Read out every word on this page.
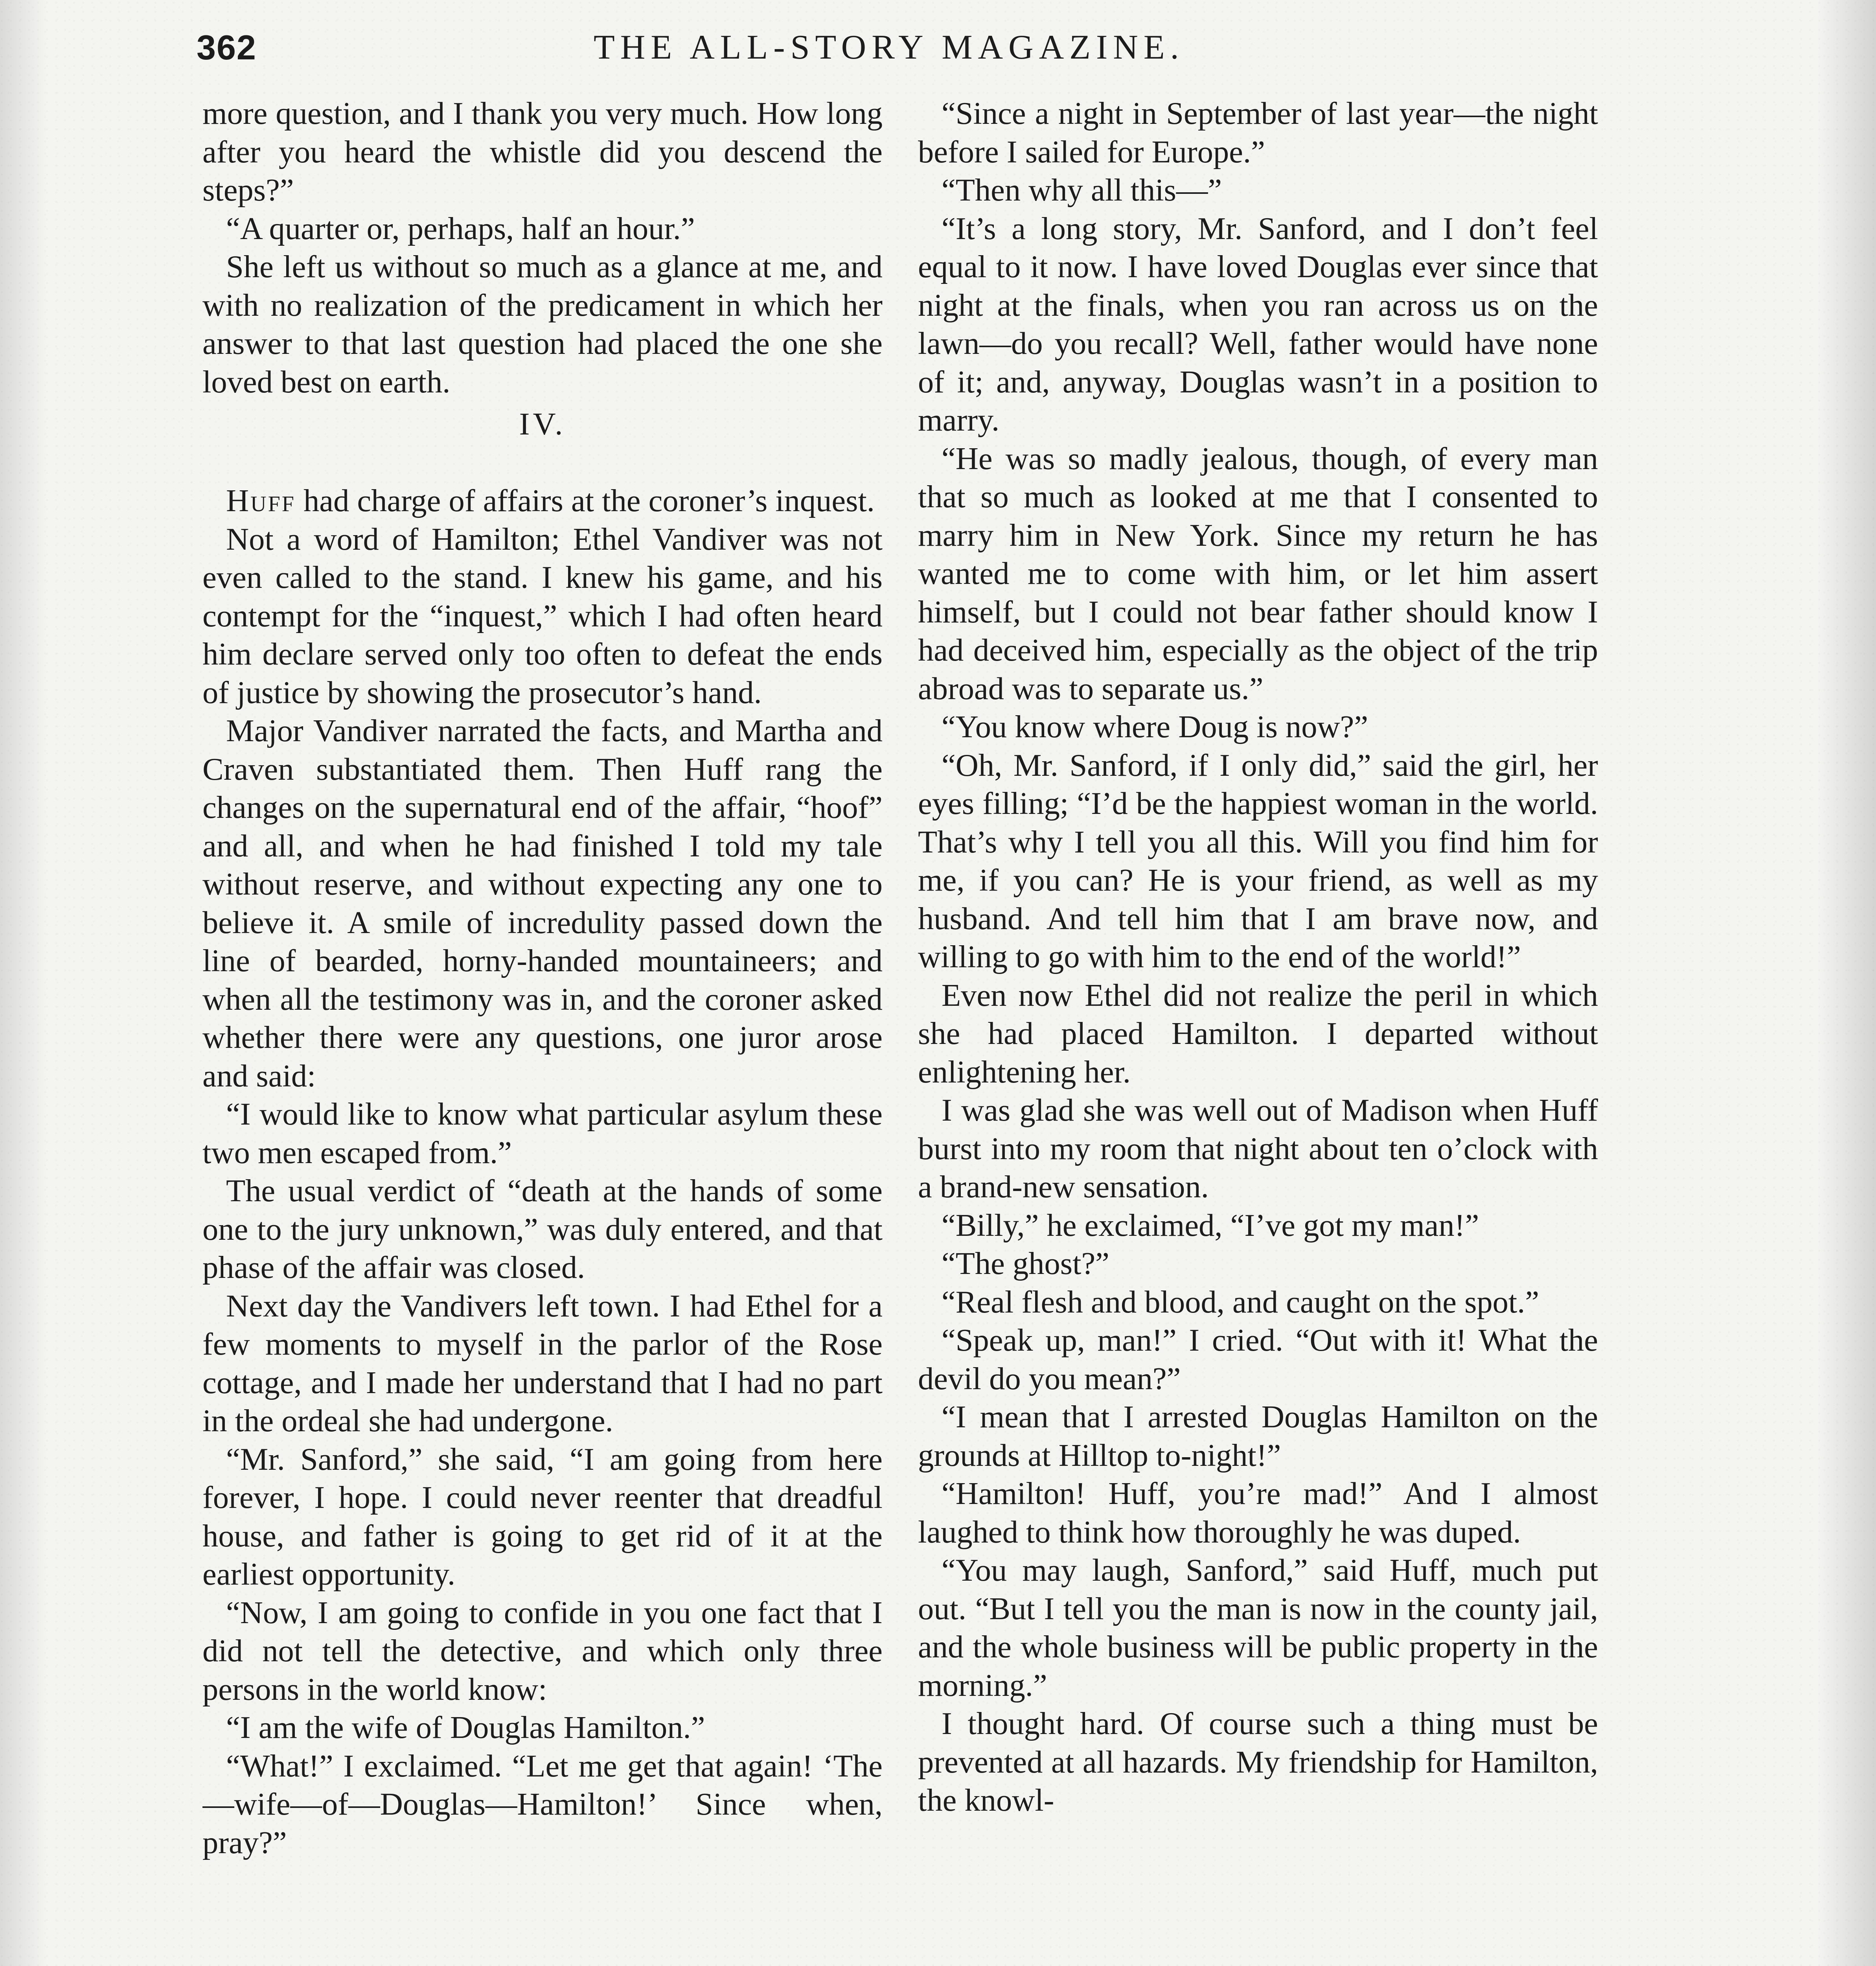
362	THE ALL-STORY MAGAZINE.

more question, and I thank you very much. How long after you heard the whistle did you descend the steps?”

“A quarter or, perhaps, half an hour.”

She left us without so much as a glance at me, and with no realization of the predicament in which her answer to that last question had placed the one she loved best on earth.

IV.

Huff had charge of affairs at the coroner’s inquest.

Not a word of Hamilton; Ethel Vandiver was not even called to the stand. I knew his game, and his contempt for the “inquest,” which I had often heard him declare served only too often to defeat the ends of justice by showing the prosecutor’s hand.

Major Vandiver narrated the facts, and Martha and Craven substantiated them. Then Huff rang the changes on the supernatural end of the affair, “hoof” and all, and when he had finished I told my tale without reserve, and without expecting any one to believe it. A smile of incredulity passed down the line of bearded, horny-handed mountaineers; and when all the testimony was in, and the coroner asked whether there were any questions, one juror arose and said:

“I would like to know what particular asylum these two men escaped from.”

The usual verdict of “death at the hands of some one to the jury unknown,” was duly entered, and that phase of the affair was closed.

Next day the Vandivers left town. I had Ethel for a few moments to myself in the parlor of the Rose cottage, and I made her understand that I had no part in the ordeal she had undergone.

“Mr. Sanford,” she said, “I am going from here forever, I hope. I could never reenter that dreadful house, and father is going to get rid of it at the earliest opportunity.

“Now, I am going to confide in you one fact that I did not tell the detective, and which only three persons in the world know:

“I am the wife of Douglas Hamilton.”

“What!” I exclaimed. “Let me get that again! ‘The—wife—of—Douglas—Hamilton!’ Since when, pray?”

“Since a night in September of last year—the night before I sailed for Europe.”

“Then why all this—”

“It’s a long story, Mr. Sanford, and I don’t feel equal to it now. I have loved Douglas ever since that night at the finals, when you ran across us on the lawn—do you recall? Well, father would have none of it; and, anyway, Douglas wasn’t in a position to marry.

“He was so madly jealous, though, of every man that so much as looked at me that I consented to marry him in New York. Since my return he has wanted me to come with him, or let him assert himself, but I could not bear father should know I had deceived him, especially as the object of the trip abroad was to separate us.”

“You know where Doug is now?”

“Oh, Mr. Sanford, if I only did,” said the girl, her eyes filling; “I’d be the happiest woman in the world. That’s why I tell you all this. Will you find him for me, if you can? He is your friend, as well as my husband. And tell him that I am brave now, and willing to go with him to the end of the world!”

Even now Ethel did not realize the peril in which she had placed Hamilton. I departed without enlightening her.

I was glad she was well out of Madison when Huff burst into my room that night about ten o’clock with a brand-new sensation.

“Billy,” he exclaimed, “I’ve got my man!”

“The ghost?”

“Real flesh and blood, and caught on the spot.”

“Speak up, man!” I cried. “Out with it! What the devil do you mean?”

“I mean that I arrested Douglas Hamilton on the grounds at Hilltop to-night!”

“Hamilton! Huff, you’re mad!” And I almost laughed to think how thoroughly he was duped.

“You may laugh, Sanford,” said Huff, much put out. “But I tell you the man is now in the county jail, and the whole business will be public property in the morning.”

I thought hard. Of course such a thing must be prevented at all hazards. My friendship for Hamilton, the knowl-
